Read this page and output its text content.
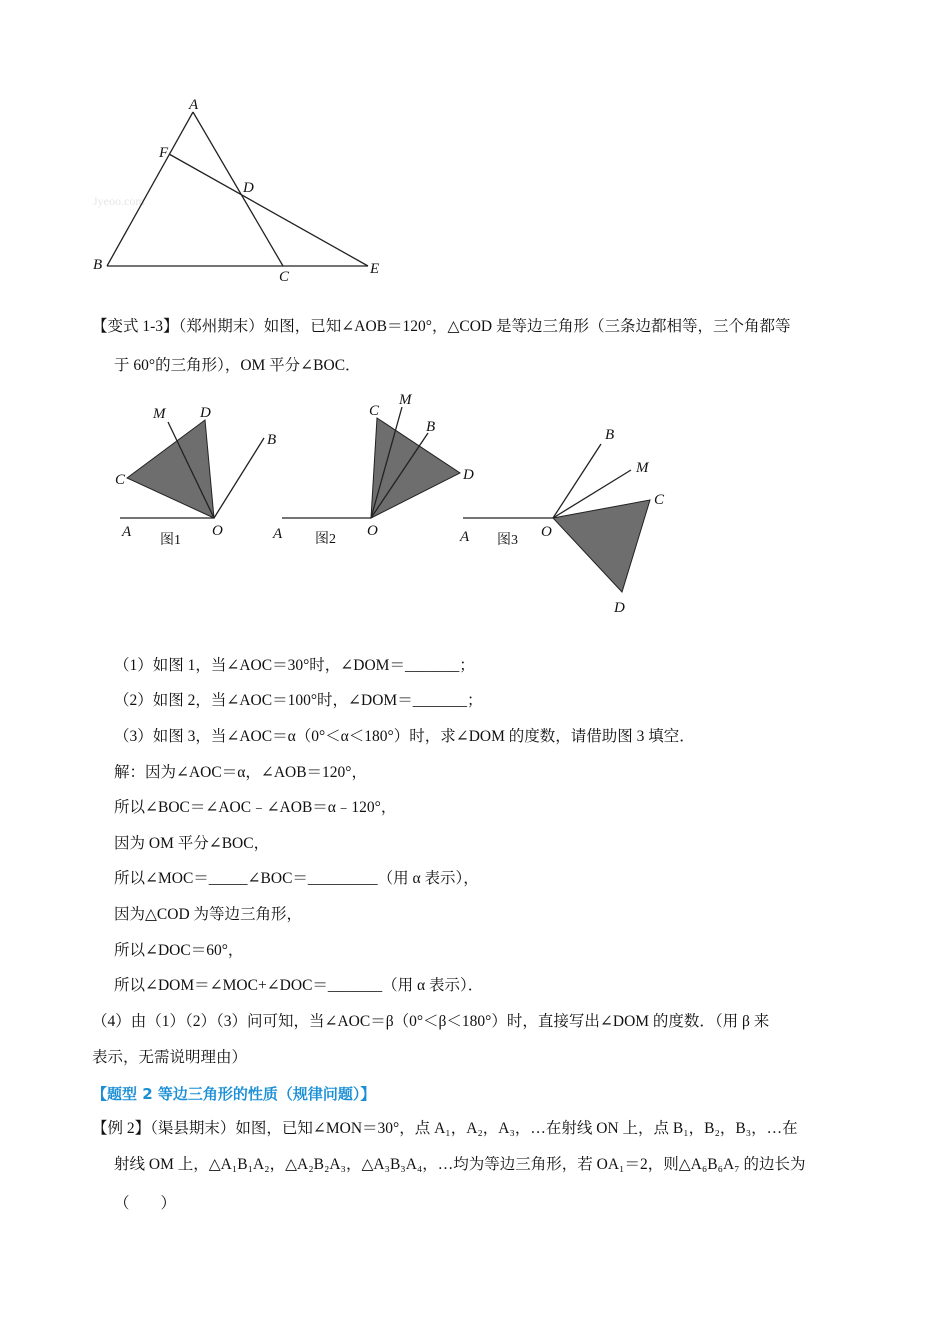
Jyeoo.com
A
F
D
B
C	E
【变式 1-3】（郑州期末）如图，已知∠AOB＝120°，△COD 是等边三角形（三条边都相等，三个角都等
于 60°的三角形），OM 平分∠BOC．
M D
B
C
A	O
图1
C
M
B
D
A	O
图2
B
M
C
A	O
D
图3
（1）如图 1，当∠AOC＝30°时，∠DOM＝_______；
（2）如图 2，当∠AOC＝100°时，∠DOM＝_______；
（3）如图 3，当∠AOC＝α（0°＜α＜180°）时，求∠DOM 的度数，请借助图 3 填空．
解：因为∠AOC＝α，∠AOB＝120°，
所以∠BOC＝∠AOC﹣∠AOB＝α﹣120°，
因为 OM 平分∠BOC，
所以∠MOC＝_____∠BOC＝_________（用 α 表示），
因为△COD 为等边三角形，
所以∠DOC＝60°，
所以∠DOM＝∠MOC+∠DOC＝_______（用 α 表示）．
（4）由（1）（2）（3）问可知，当∠AOC＝β（0°＜β＜180°）时，直接写出∠DOM 的度数．（用 β 来
表示，无需说明理由）
【题型 2 等边三角形的性质（规律问题）】
【例 2】（渠县期末）如图，已知∠MON＝30°，点 A₁，A₂，A₃，…在射线 ON 上，点 B₁，B₂，B₃，…在
射线 OM 上，△A₁B₁A₂，△A₂B₂A₃，△A₃B₃A₄，…均为等边三角形，若 OA₁＝2，则△A₆B₆A₇ 的边长为
（　　）
